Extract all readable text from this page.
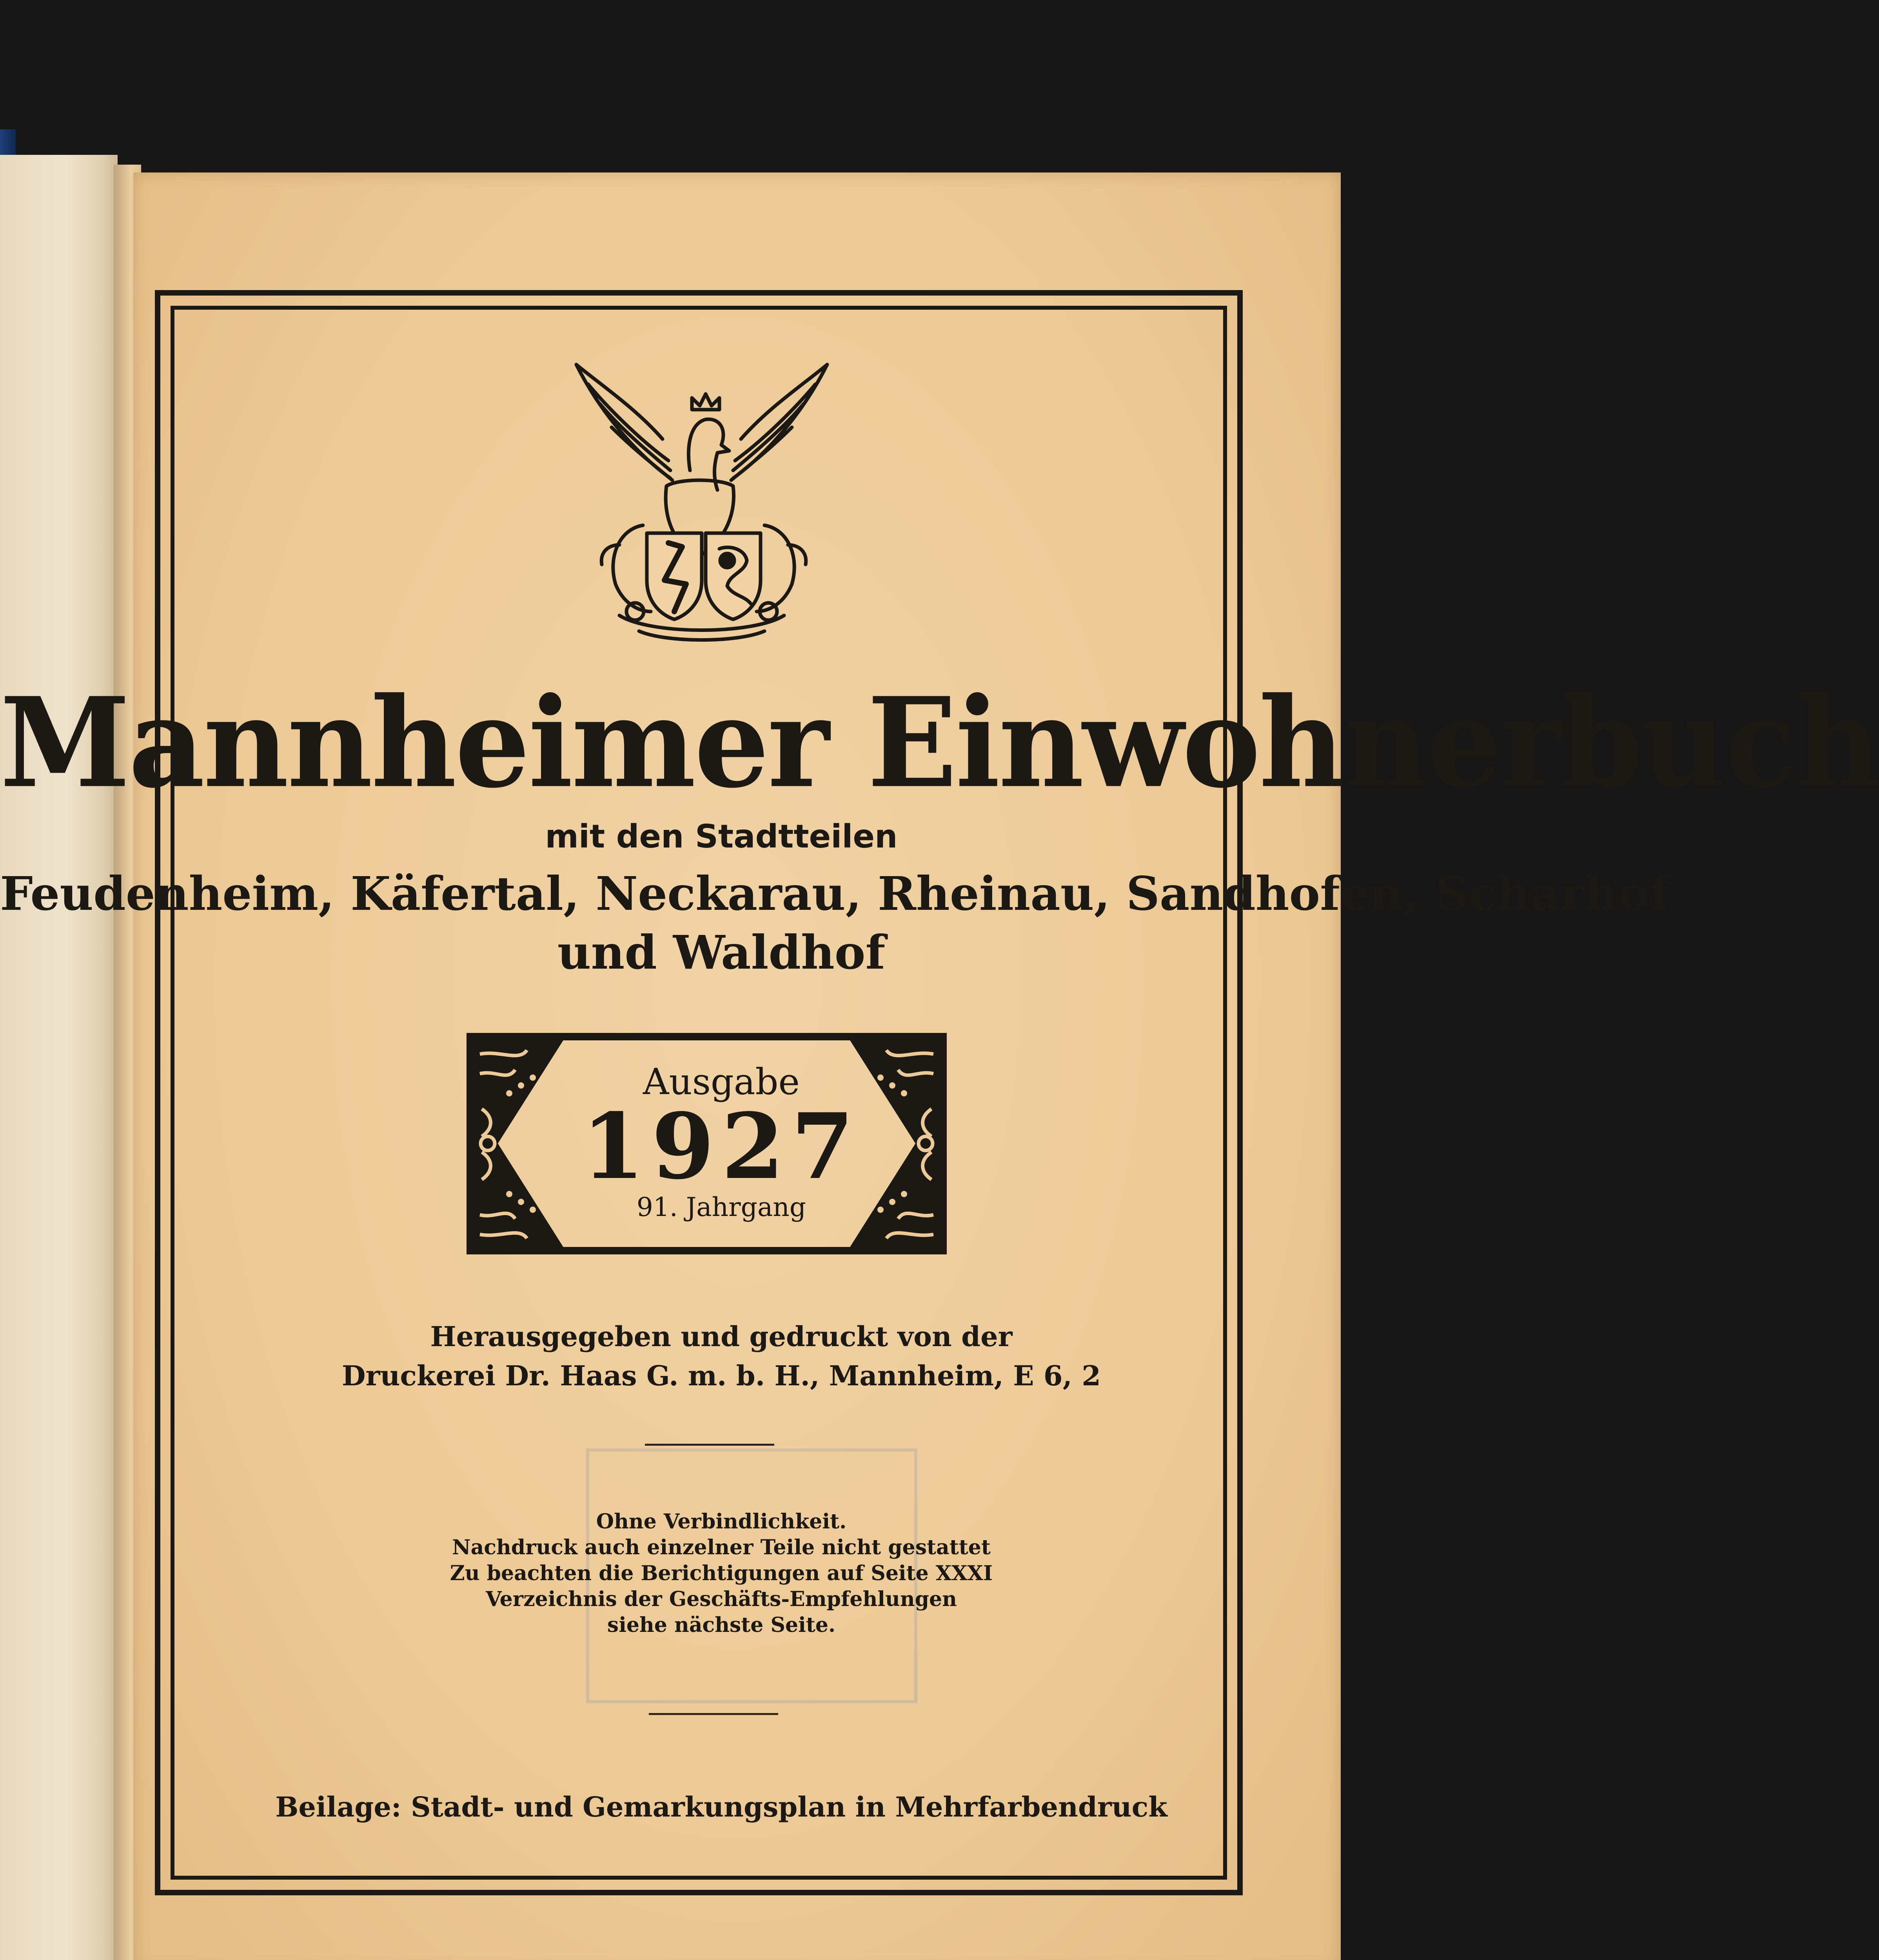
Mannheimer Einwohnerbuch
mit den Stadtteilen
Feudenheim, Käfertal, Neckarau, Rheinau, Sandhofen, Scharhof
und Waldhof
Ausgabe
1927
91. Jahrgang
Herausgegeben und gedruckt von der
Druckerei Dr. Haas G. m. b. H., Mannheim, E 6, 2
Ohne Verbindlichkeit.
Nachdruck auch einzelner Teile nicht gestattet
Zu beachten die Berichtigungen auf Seite XXXI
Verzeichnis der Geschäfts-Empfehlungen
siehe nächste Seite.
Beilage: Stadt- und Gemarkungsplan in Mehrfarbendruck
